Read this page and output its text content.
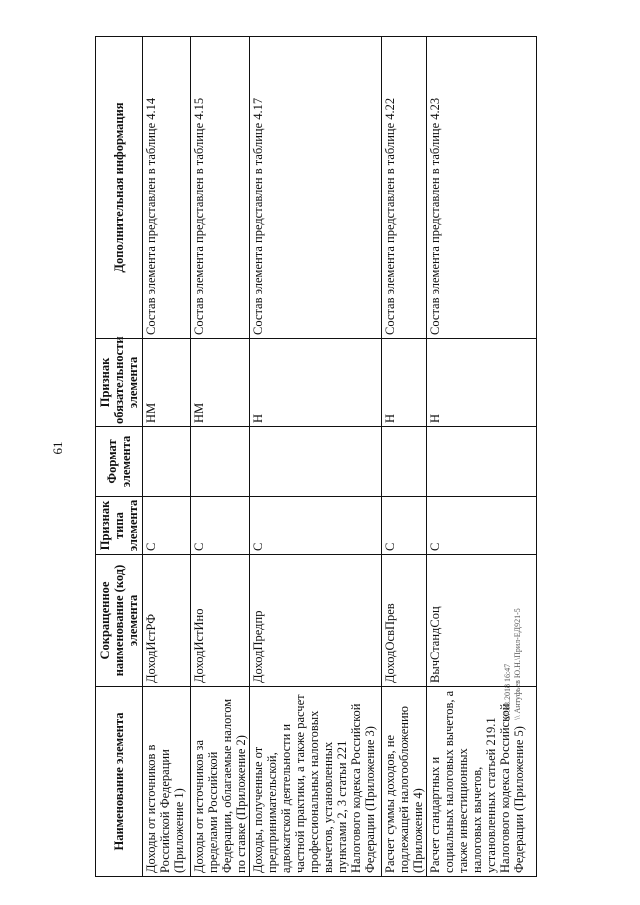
61
27.03.2018 16:47 \\ Антуфьев Ю.Н.\Прил-ЕД921-5
Наименование элемента	Сокращенное наименование (код) элемента	Признак типа элемента	Формат элемента	Признак обязательности элемента	Дополнительная информация
Доходы от источников в Российской Федерации (Приложение 1)	ДоходИстРФ	С		НМ	Состав элемента представлен в таблице 4.14
Доходы от источников за пределами Российской Федерации, облагаемые налогом по ставке (Приложение 2)	ДоходИстИно	С		НМ	Состав элемента представлен в таблице 4.15
Доходы, полученные от предпринимательской, адвокатской деятельности и частной практики, а также расчет профессиональных налоговых вычетов, установленных пунктами 2, 3 статьи 221 Налогового кодекса Российской Федерации (Приложение 3)	ДоходПредпр	С		Н	Состав элемента представлен в таблице 4.17
Расчет суммы доходов, не подлежащей налогообложению (Приложение 4)	ДоходОсвПрев	С		Н	Состав элемента представлен в таблице 4.22
Расчет стандартных и социальных налоговых вычетов, а также инвестиционных налоговых вычетов, установленных статьей 219.1 Налогового кодекса Российской Федерации (Приложение 5)	ВычСтандСоц	С		Н	Состав элемента представлен в таблице 4.23
